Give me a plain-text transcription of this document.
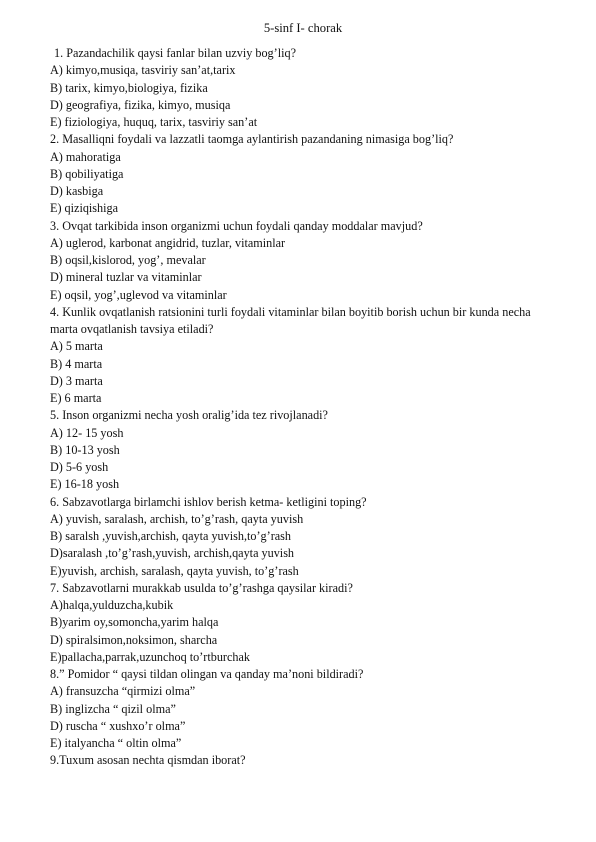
5-sinf I- chorak

1. Pazandachilik qaysi fanlar bilan uzviy bog’liq?

A) kimyo,musiqa, tasviriy san’at,tarix

B) tarix, kimyo,biologiya, fizika

D) geografiya, fizika, kimyo, musiqa

E) fiziologiya, huquq, tarix, tasviriy san’at

2. Masalliqni foydali va lazzatli taomga aylantirish pazandaning nimasiga bog’liq?

A) mahoratiga

B) qobiliyatiga

D) kasbiga

E) qiziqishiga

3. Ovqat tarkibida inson organizmi uchun foydali qanday moddalar mavjud?

A) uglerod, karbonat angidrid, tuzlar, vitaminlar

B) oqsil,kislorod, yog’, mevalar

D) mineral tuzlar va vitaminlar

E) oqsil, yog’,uglevod va vitaminlar

4. Kunlik ovqatlanish ratsionini turli foydali vitaminlar bilan boyitib borish uchun bir kunda necha marta ovqatlanish tavsiya etiladi?

A) 5 marta

B) 4 marta

D) 3 marta

E) 6 marta

5. Inson organizmi necha yosh oralig’ida tez rivojlanadi?

A) 12- 15 yosh

B) 10-13 yosh

D) 5-6 yosh

E) 16-18 yosh

6. Sabzavotlarga birlamchi ishlov berish ketma- ketligini toping?

A) yuvish, saralash, archish, to’g’rash, qayta yuvish

B) saralsh ,yuvish,archish, qayta yuvish,to’g’rash

D)saralash ,to’g’rash,yuvish, archish,qayta yuvish

E)yuvish, archish, saralash, qayta yuvish, to’g’rash

7. Sabzavotlarni murakkab usulda to’g’rashga qaysilar kiradi?

A)halqa,yulduzcha,kubik

B)yarim oy,somoncha,yarim halqa

D) spiralsimon,noksimon, sharcha

E)pallacha,parrak,uzunchoq to’rtburchak

8.” Pomidor “ qaysi tildan olingan va qanday ma’noni bildiradi?

A) fransuzcha “qirmizi olma”

B) inglizcha “ qizil olma”

D) ruscha “ xushxo’r olma”

E) italyancha “ oltin olma”

9.Tuxum asosan nechta qismdan iborat?
